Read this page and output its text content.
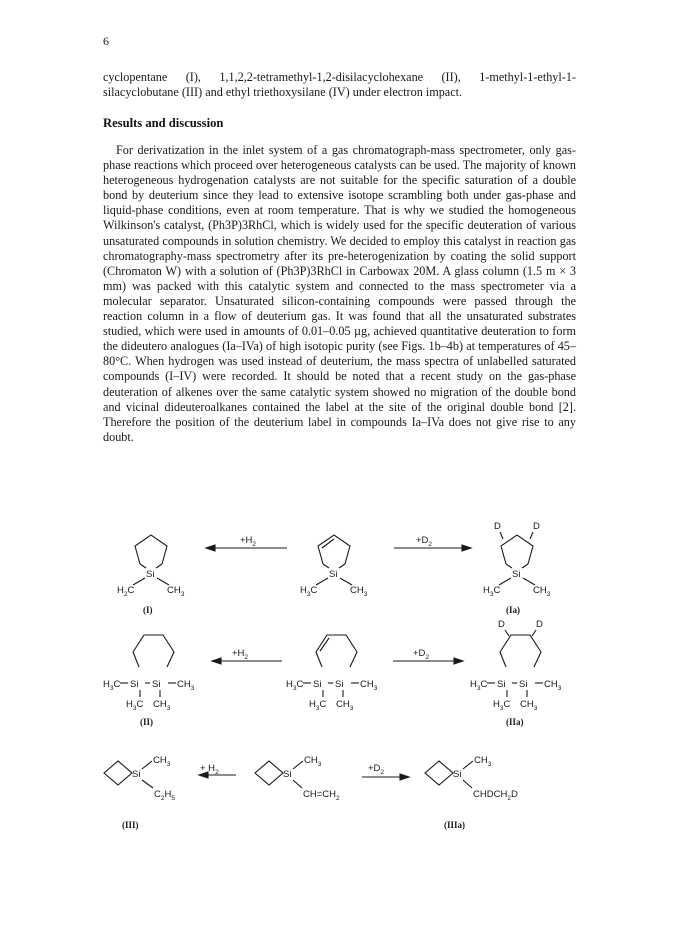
6
cyclopentane (I), 1,1,2,2-tetramethyl-1,2-disilacyclohexane (II), 1-methyl-1-ethyl-1-silacyclobutane (III) and ethyl triethoxysilane (IV) under electron impact.
Results and discussion
For derivatization in the inlet system of a gas chromatograph-mass spectrometer, only gas-phase reactions which proceed over heterogeneous catalysts can be used. The majority of known heterogeneous hydrogenation catalysts are not suitable for the specific saturation of a double bond by deuterium since they lead to extensive isotope scrambling both under gas-phase and liquid-phase conditions, even at room temperature. That is why we studied the homogeneous Wilkinson's catalyst, (Ph3P)3RhCl, which is widely used for the specific deuteration of various unsaturated compounds in solution chemistry. We decided to employ this catalyst in reaction gas chromatography-mass spectrometry after its pre-heterogenization by coating the solid support (Chromaton W) with a solution of (Ph3P)3RhCl in Carbowax 20M. A glass column (1.5 m × 3 mm) was packed with this catalytic system and connected to the mass spectrometer via a molecular separator. Unsaturated silicon-containing compounds were passed through the reaction column in a flow of deuterium gas. It was found that all the unsaturated substrates studied, which were used in amounts of 0.01–0.05 µg, achieved quantitative deuteration to form the dideutero analogues (Ia–IVa) of high isotopic purity (see Figs. 1b–4b) at temperatures of 45–80°C. When hydrogen was used instead of deuterium, the mass spectra of unlabelled saturated compounds (I–IV) were recorded. It should be noted that a recent study on the gas-phase deuteration of alkenes over the same catalytic system showed no migration of the double bond and vicinal dideuteroalkanes contained the label at the site of the original double bond [2]. Therefore the position of the deuterium label in compounds Ia–IVa does not give rise to any doubt.
Si
$H_2C$	$CH_3$
(I)
$+H_2$
Si
$H_3C$	$CH_3$
$+D_2$
D	D
Si
$H_3C$	$CH_3$
(Ia)
$H_3C$ Si Si $CH_3$
$H_3C$ $CH_3$
(II)
$+H_2$
$H_3C$ Si Si $CH_3$
$H_3C$ $CH_3$
$+D_2$
D	D
$H_3C$ Si Si $CH_3$
$H_3C$ $CH_3$
(IIa)
Si
$CH_3$
$C_2H_5$
(III)
+ $H_2$	Si
$CH_3$
$CH=CH_2$
$+D_2$	Si
$CH_3$
$CHDCH_2D$
(IIIa)
